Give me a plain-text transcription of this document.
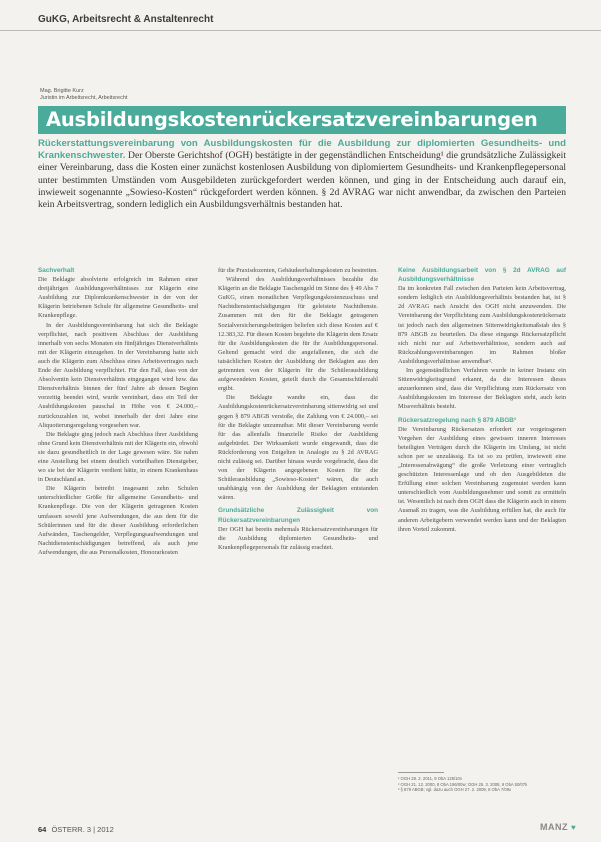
GuKG, Arbeitsrecht & Anstaltenrecht
Mag. Brigitte Kurz
Juristin im Arbeitsrecht, Arbeitsrecht
Ausbildungskostenrückersatzvereinbarungen
Rückerstattungsvereinbarung von Ausbildungskosten für die Ausbildung zur diplomierten Gesundheits- und Krankenschwester. Der Oberste Gerichtshof (OGH) bestätigte in der gegenständlichen Entscheidung¹ die grundsätzliche Zulässigkeit einer Vereinbarung, dass die Kosten einer zunächst kostenlosen Ausbildung von diplomiertem Gesundheits- und Krankenpflegepersonal unter bestimmten Umständen vom Ausgebildeten zurückgefordert werden können, und ging in der Entscheidung auch darauf ein, inwieweit sogenannte „Sowieso-Kosten“ rückgefordert werden können. § 2d AVRAG war nicht anwendbar, da zwischen den Parteien kein Arbeitsvertrag, sondern lediglich ein Ausbildungsverhältnis bestanden hat.
Sachverhalt

Die Beklagte absolvierte erfolgreich im Rahmen einer dreijährigen Ausbildungsverhältnisses zur Klägerin eine Ausbildung zur Diplomkrankenschwester in der von der Klägerin betriebenen Schule für allgemeine Gesundheits- und Krankenpflege.

In der Ausbildungsvereinbarung hat sich die Beklagte verpflichtet, nach positivem Abschluss der Ausbildung innerhalb von sechs Monaten ein fünfjähriges Dienstverhältnis mit der Klägerin einzugehen. In der Vereinbarung hatte sich auch die Klägerin zum Abschluss eines Arbeitsvertrages nach Ende der Ausbildung verpflichtet. Für den Fall, dass von der Absolventin kein Dienstverhältnis eingegangen wird bzw. das Dienstverhältnis binnen der fünf Jahre ab dessen Beginn vorzeitig beendet wird, wurde vereinbart, dass ein Teil der Ausbildungskosten pauschal in Höhe von € 24.000,– zurückzuzahlen ist, wobei innerhalb der drei Jahre eine Aliquotierungsregelung vorgesehen war.

Die Beklagte ging jedoch nach Abschluss ihrer Ausbildung ohne Grund kein Dienstverhältnis mit der Klägerin ein, obwohl sie dazu gesundheitlich in der Lage gewesen wäre. Sie nahm eine Anstellung bei einem deutlich vorteilhaften Dienstgeber, wo sie bei der Klägerin verdient hätte, in einem Krankenhaus in Deutschland an.

Die Klägerin betreibt insgesamt zehn Schulen unterschiedlicher Größe für allgemeine Gesundheits- und Krankenpflege. Die von der Klägerin getragenen Kosten umfassen sowohl jene Aufwendungen, die aus dem für die Schülerinnen und für die dieser Ausbildung erforderlichen Aufwänden, Taschengelder, Verpflegungsaufwendungen und Nachtdienstentschädigungen betreffend, als auch jene Aufwendungen, die aus Personalkosten, Honorarkosten

für die Praxisdozenten, Gebäudeerhaltungskosten zu bestreiten.

Während des Ausbildungsverhältnisses bezahlte die Klägerin an die Beklagte Taschengeld im Sinne des § 49 Abs 7 GuKG, einen monatlichen Verpflegungskostenzuschuss und Nachtdienstentschädigungen für geleistete Nachtdienste. Zusammen mit den für die Beklagte getragenen Sozialversicherungsbeiträgen beliefen sich diese Kosten auf € 12.383,32. Für diesen Kosten begehrte die Klägerin dem Ersatz für die Ausbildungskosten die für ihr Ausbildungspersonal. Geltend gemacht wird die angefallenen, die sich die tatsächlichen Kosten der Ausbildung der Beklagten aus den getrennten von der Klägerin für die Schülerausbildung aufgewendeten Kosten, geteilt durch die Gesamtschülerzahl ergibt.

Die Beklagte wandte ein, dass die Ausbildungskostenrückersatzvereinbarung sittenwidrig sei und gegen § 879 ABGB verstoße, die Zahlung von € 24.000,– sei für die Beklagte unzumutbar. Mit dieser Vereinbarung werde für das allenfalls finanzielle Risiko der Ausbildung aufgebürdet. Der Wirksamkeit wurde eingewandt, dass die Rückforderung von Entgelten in Analogie zu § 2d AVRAG nicht zulässig sei. Darüber hinaus wurde vorgebracht, dass die von der Klägerin angegebenen Kosten für die Schülerausbildung „Sowieso-Kosten“ wären, die auch unabhängig von der Ausbildung der Beklagten entstanden wären.

Grundsätzliche Zulässigkeit von Rückersatzvereinbarungen

Der OGH hat bereits mehrmals Rückersatzvereinbarungen für die Ausbildung diplomierten Gesundheits- und Krankenpflegepersonals für zulässig erachtet.

Keine Ausbildungsarbeit von § 2d AVRAG auf Ausbildungsverhältnisse

Da im konkreten Fall zwischen den Parteien kein Arbeitsvertrag, sondern lediglich ein Ausbildungsverhältnis bestanden hat, ist § 2d AVRAG nach Ansicht des OGH nicht anzuwenden. Die Vereinbarung der Verpflichtung zum Ausbildungskostenrückersatz ist jedoch nach den allgemeinen Sittenwidrigkeitsmaßstab des § 879 ABGB zu beurteilen. Da diese eingangs Rückersatzpflicht sich nicht nur auf Arbeitsverhältnisse, sondern auch auf Rückzahlungsvereinbarungen im Rahmen bloßer Ausbildungsverhältnisse anwendbar².

Im gegenständlichen Verfahren wurde in keiner Instanz ein Sittenwidrigkeitsgrund erkannt, da die Interessen dieses anzuerkennen sind, dass die Verpflichtung zum Rückersatz von Ausbildungskosten im Interesse der Beklagten steht, auch kein Missverhältnis besteht.

Rückersatzregelung nach § 879 ABGB³

Die Vereinbarung Rückersatzes erfordert zur vorgetragenen Vorgehen der Ausbildung eines gewissen inneren Interesses beteiligten Verträgen durch die Klägerin im Umfang, ist nicht schon per se unzulässig. Es ist so zu prüfen, inwieweit eine „Interessenabwägung“ die große Verletzung einer vertraglich geschützten Interessenlage und ob den Ausgebildeten die Erfüllung einer solchen Vereinbarung zugemutet werden kann unterschiedlich vom Ausbildungsnehmer und somit zu ermitteln ist. Wesentlich ist nach dem OGH dass die Klägerin auch in einem Ausmaß zu tragen, was die Ausbildung erfüllen hat, die auch für anderen Arbeitgebern verwendet werden kann und der Beklagten ihren Vorteil zukommt.

¹ OGH 28. 2. 2011, 9 ObA 125/10v

² OGH 21. 12. 2000, 8 ObA 196/00w; OGH 25. 3. 2008, 9 ObA 50/07k

³ § 879 ABGB; vgl. dazu auch OGH 27. 2. 2009, 8 ObA 7/09x

64 ÖSTERR. 3 | 2012	MANZ ♥
